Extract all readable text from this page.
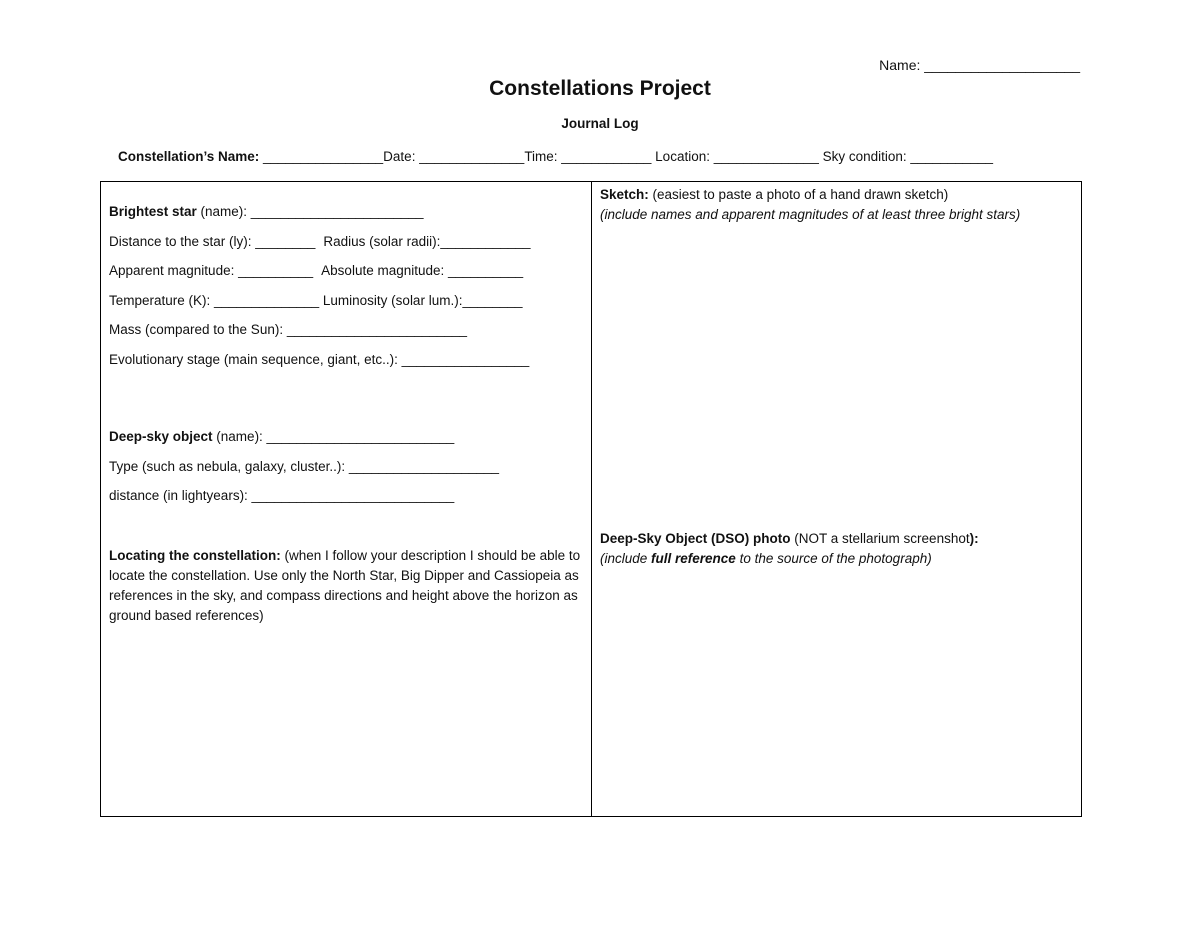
Name: ____________________
Constellations Project
Journal Log
Constellation’s Name: ________________Date: ______________Time: ____________ Location: ______________ Sky condition: ___________
Brightest star (name): _______________________
Distance to the star (ly): ________ Radius (solar radii):____________
Apparent magnitude: __________ Absolute magnitude: __________
Temperature (K): ______________ Luminosity (solar lum.):________
Mass (compared to the Sun): ________________________
Evolutionary stage (main sequence, giant, etc..): _________________
Deep-sky object (name): _________________________
Type (such as nebula, galaxy, cluster..): ____________________
distance (in lightyears): ___________________________
Locating the constellation: (when I follow your description I should be able to locate the constellation. Use only the North Star, Big Dipper and Cassiopeia as references in the sky, and compass directions and height above the horizon as ground based references)
Sketch: (easiest to paste a photo of a hand drawn sketch)
(include names and apparent magnitudes of at least three bright stars)
Deep-Sky Object (DSO) photo (NOT a stellarium screenshot):
(include full reference to the source of the photograph)
